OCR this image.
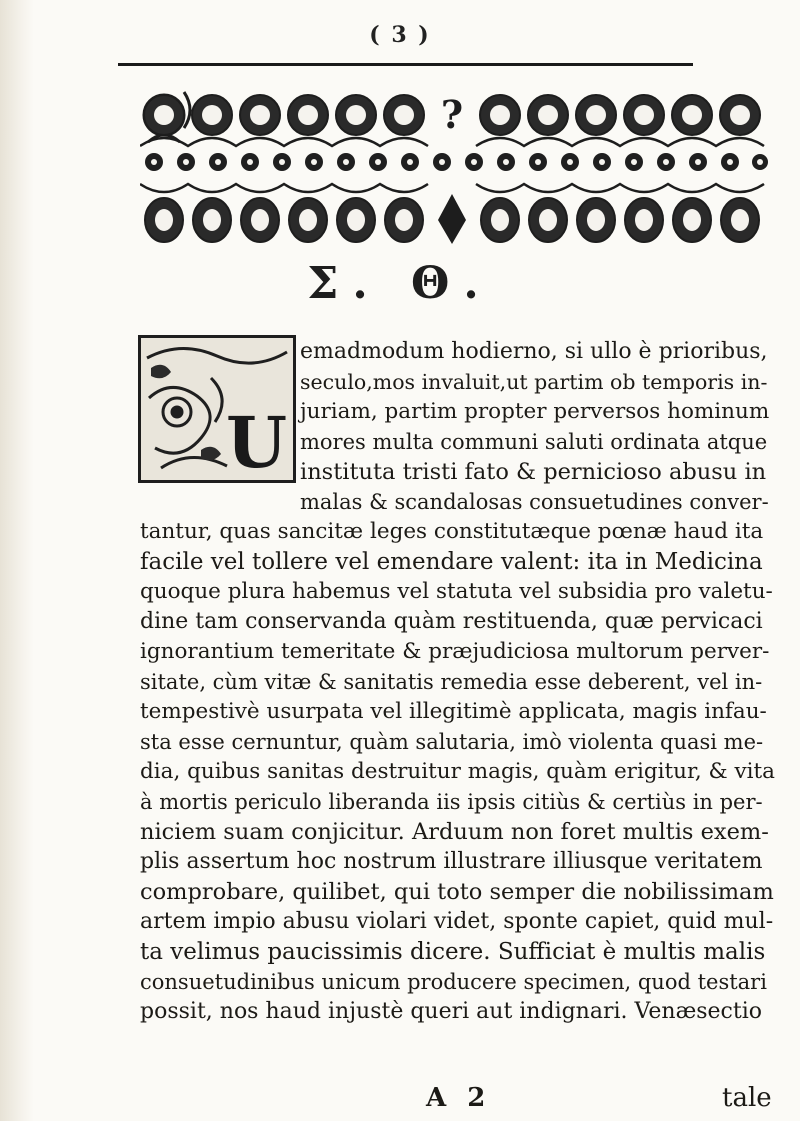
( 3 )
?
Σ. Θ.
U
emadmodum hodierno, si ullo è prioribus,
seculo,mos invaluit,ut partim ob temporis in-
juriam, partim propter perversos hominum
mores multa communi saluti ordinata atque
instituta tristi fato & pernicioso abusu in
malas & scandalosas consuetudines conver-
tantur, quas sancitæ leges constitutæque pœnæ haud ita
facile vel tollere vel emendare valent: ita in Medicina
quoque plura habemus vel statuta vel subsidia pro valetu-
dine tam conservanda quàm restituenda, quæ pervicaci
ignorantium temeritate & præjudiciosa multorum perver-
sitate, cùm vitæ & sanitatis remedia esse deberent, vel in-
tempestivè usurpata vel illegitimè applicata, magis infau-
sta esse cernuntur, quàm salutaria, imò violenta quasi me-
dia, quibus sanitas destruitur magis, quàm erigitur, & vita
à mortis periculo liberanda iis ipsis citiùs & certiùs in per-
niciem suam conjicitur. Arduum non foret multis exem-
plis assertum hoc nostrum illustrare illiusque veritatem
comprobare, quilibet, qui toto semper die nobilissimam
artem impio abusu violari videt, sponte capiet, quid mul-
ta velimus paucissimis dicere. Sufficiat è multis malis
consuetudinibus unicum producere specimen, quod testari
possit, nos haud injustè queri aut indignari. Venæsectio
A 2	tale
